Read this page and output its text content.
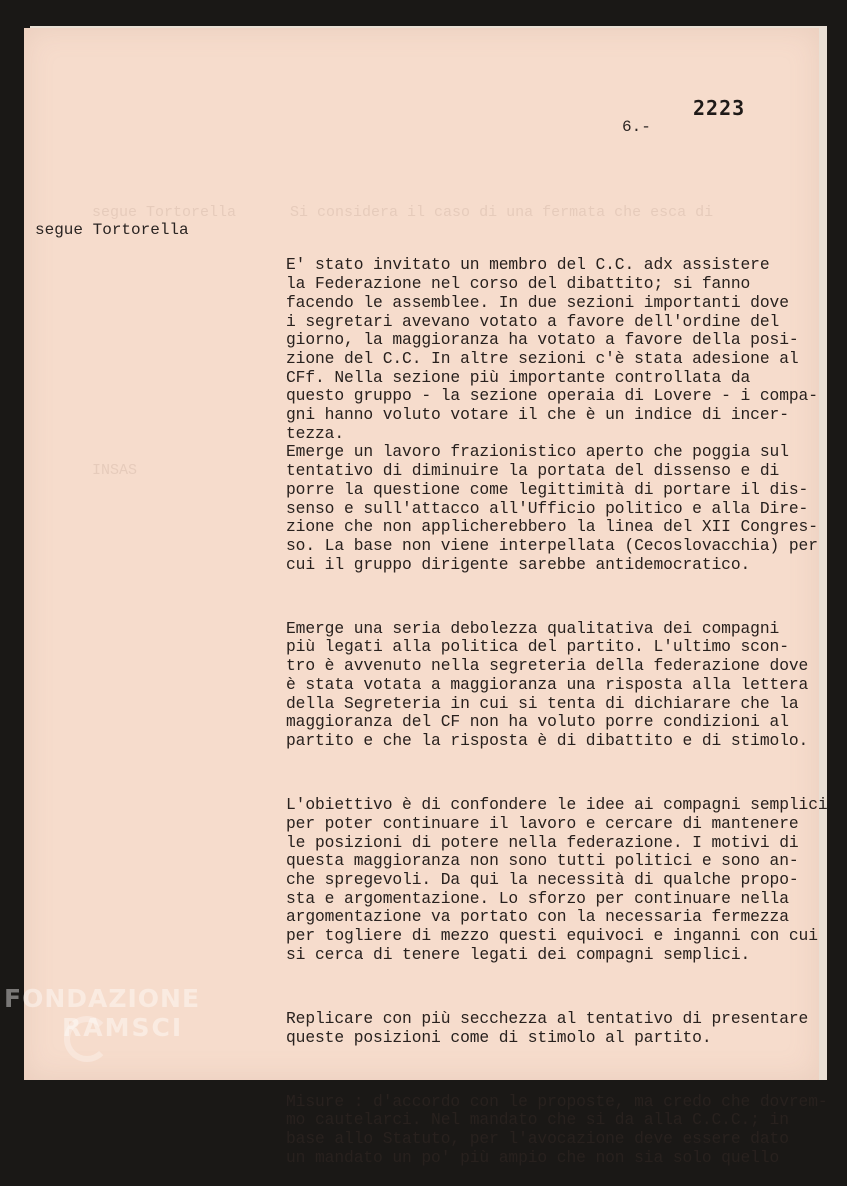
segue Tortorella      Si considera il caso di una fermata che esca di
INSAS
2223
6.-
segue Tortorella

E' stato invitato un membro del C.C. adx assistere
la Federazione nel corso del dibattito; si fanno
facendo le assemblee. In due sezioni importanti dove
i segretari avevano votato a favore dell'ordine del
giorno, la maggioranza ha votato a favore della posi-
zione del C.C. In altre sezioni c'è stata adesione al
CFf. Nella sezione più importante controllata da
questo gruppo - la sezione operaia di Lovere - i compa-
gni hanno voluto votare il che è un indice di incer-
tezza.
Emerge un lavoro frazionistico aperto che poggia sul
tentativo di diminuire la portata del dissenso e di
porre la questione come legittimità di portare il dis-
senso e sull'attacco all'Ufficio politico e alla Dire-
zione che non applicherebbero la linea del XII Congres-
so. La base non viene interpellata (Cecoslovacchia) per
cui il gruppo dirigente sarebbe antidemocratico.

Emerge una seria debolezza qualitativa dei compagni
più legati alla politica del partito. L'ultimo scon-
tro è avvenuto nella segreteria della federazione dove
è stata votata a maggioranza una risposta alla lettera
della Segreteria in cui si tenta di dichiarare che la
maggioranza del CF non ha voluto porre condizioni al
partito e che la risposta è di dibattito e di stimolo.

L'obiettivo è di confondere le idee ai compagni semplici
per poter continuare il lavoro e cercare di mantenere
le posizioni di potere nella federazione. I motivi di
questa maggioranza non sono tutti politici e sono an-
che spregevoli. Da qui la necessità di qualche propo-
sta e argomentazione. Lo sforzo per continuare nella
argomentazione va portato con la necessaria fermezza
per togliere di mezzo questi equivoci e inganni con cui
si cerca di tenere legati dei compagni semplici.

Replicare con più secchezza al tentativo di presentare
queste posizioni come di stimolo al partito.

Misure : d'accordo con le proposte, ma credo che dovrem-
mo cautelarci. Nel mandato che si da alla C.C.C.; in
base allo Statuto, per l'avocazione deve essere dato
un mandato un po' più ampio che non sia solo quello

FONDAZIONE
RAMSCI
